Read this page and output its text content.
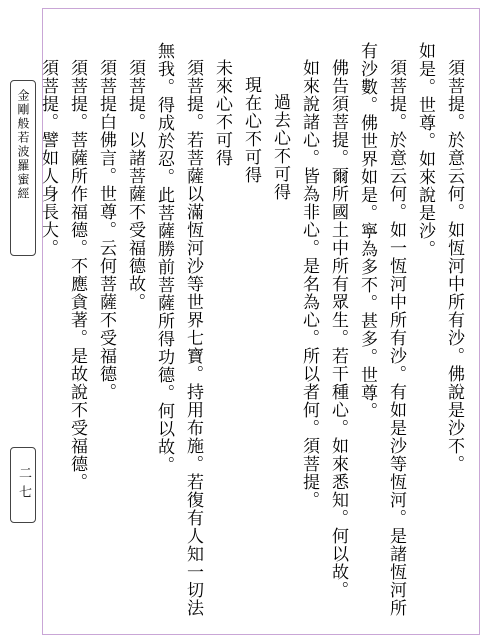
金剛般若波羅蜜經
二七
須菩提。於意云何。如恆河中所有沙。佛說是沙不。
如是。世尊。如來說是沙。
須菩提。於意云何。如一恆河中所有沙。有如是沙等恆河。是諸恆河所
有沙數。佛世界如是。寧為多不。甚多。世尊。
佛告須菩提。爾所國土中所有眾生。若干種心。如來悉知。何以故。
如來說諸心。皆為非心。是名為心。所以者何。須菩提。
過去心不可得
現在心不可得
未來心不可得
須菩提。若菩薩以滿恆河沙等世界七寶。持用布施。若復有人知一切法
無我。得成於忍。此菩薩勝前菩薩所得功德。何以故。
須菩提。以諸菩薩不受福德故。
須菩提白佛言。世尊。云何菩薩不受福德。
須菩提。菩薩所作福德。不應貪著。是故說不受福德。
須菩提。譬如人身長大。
